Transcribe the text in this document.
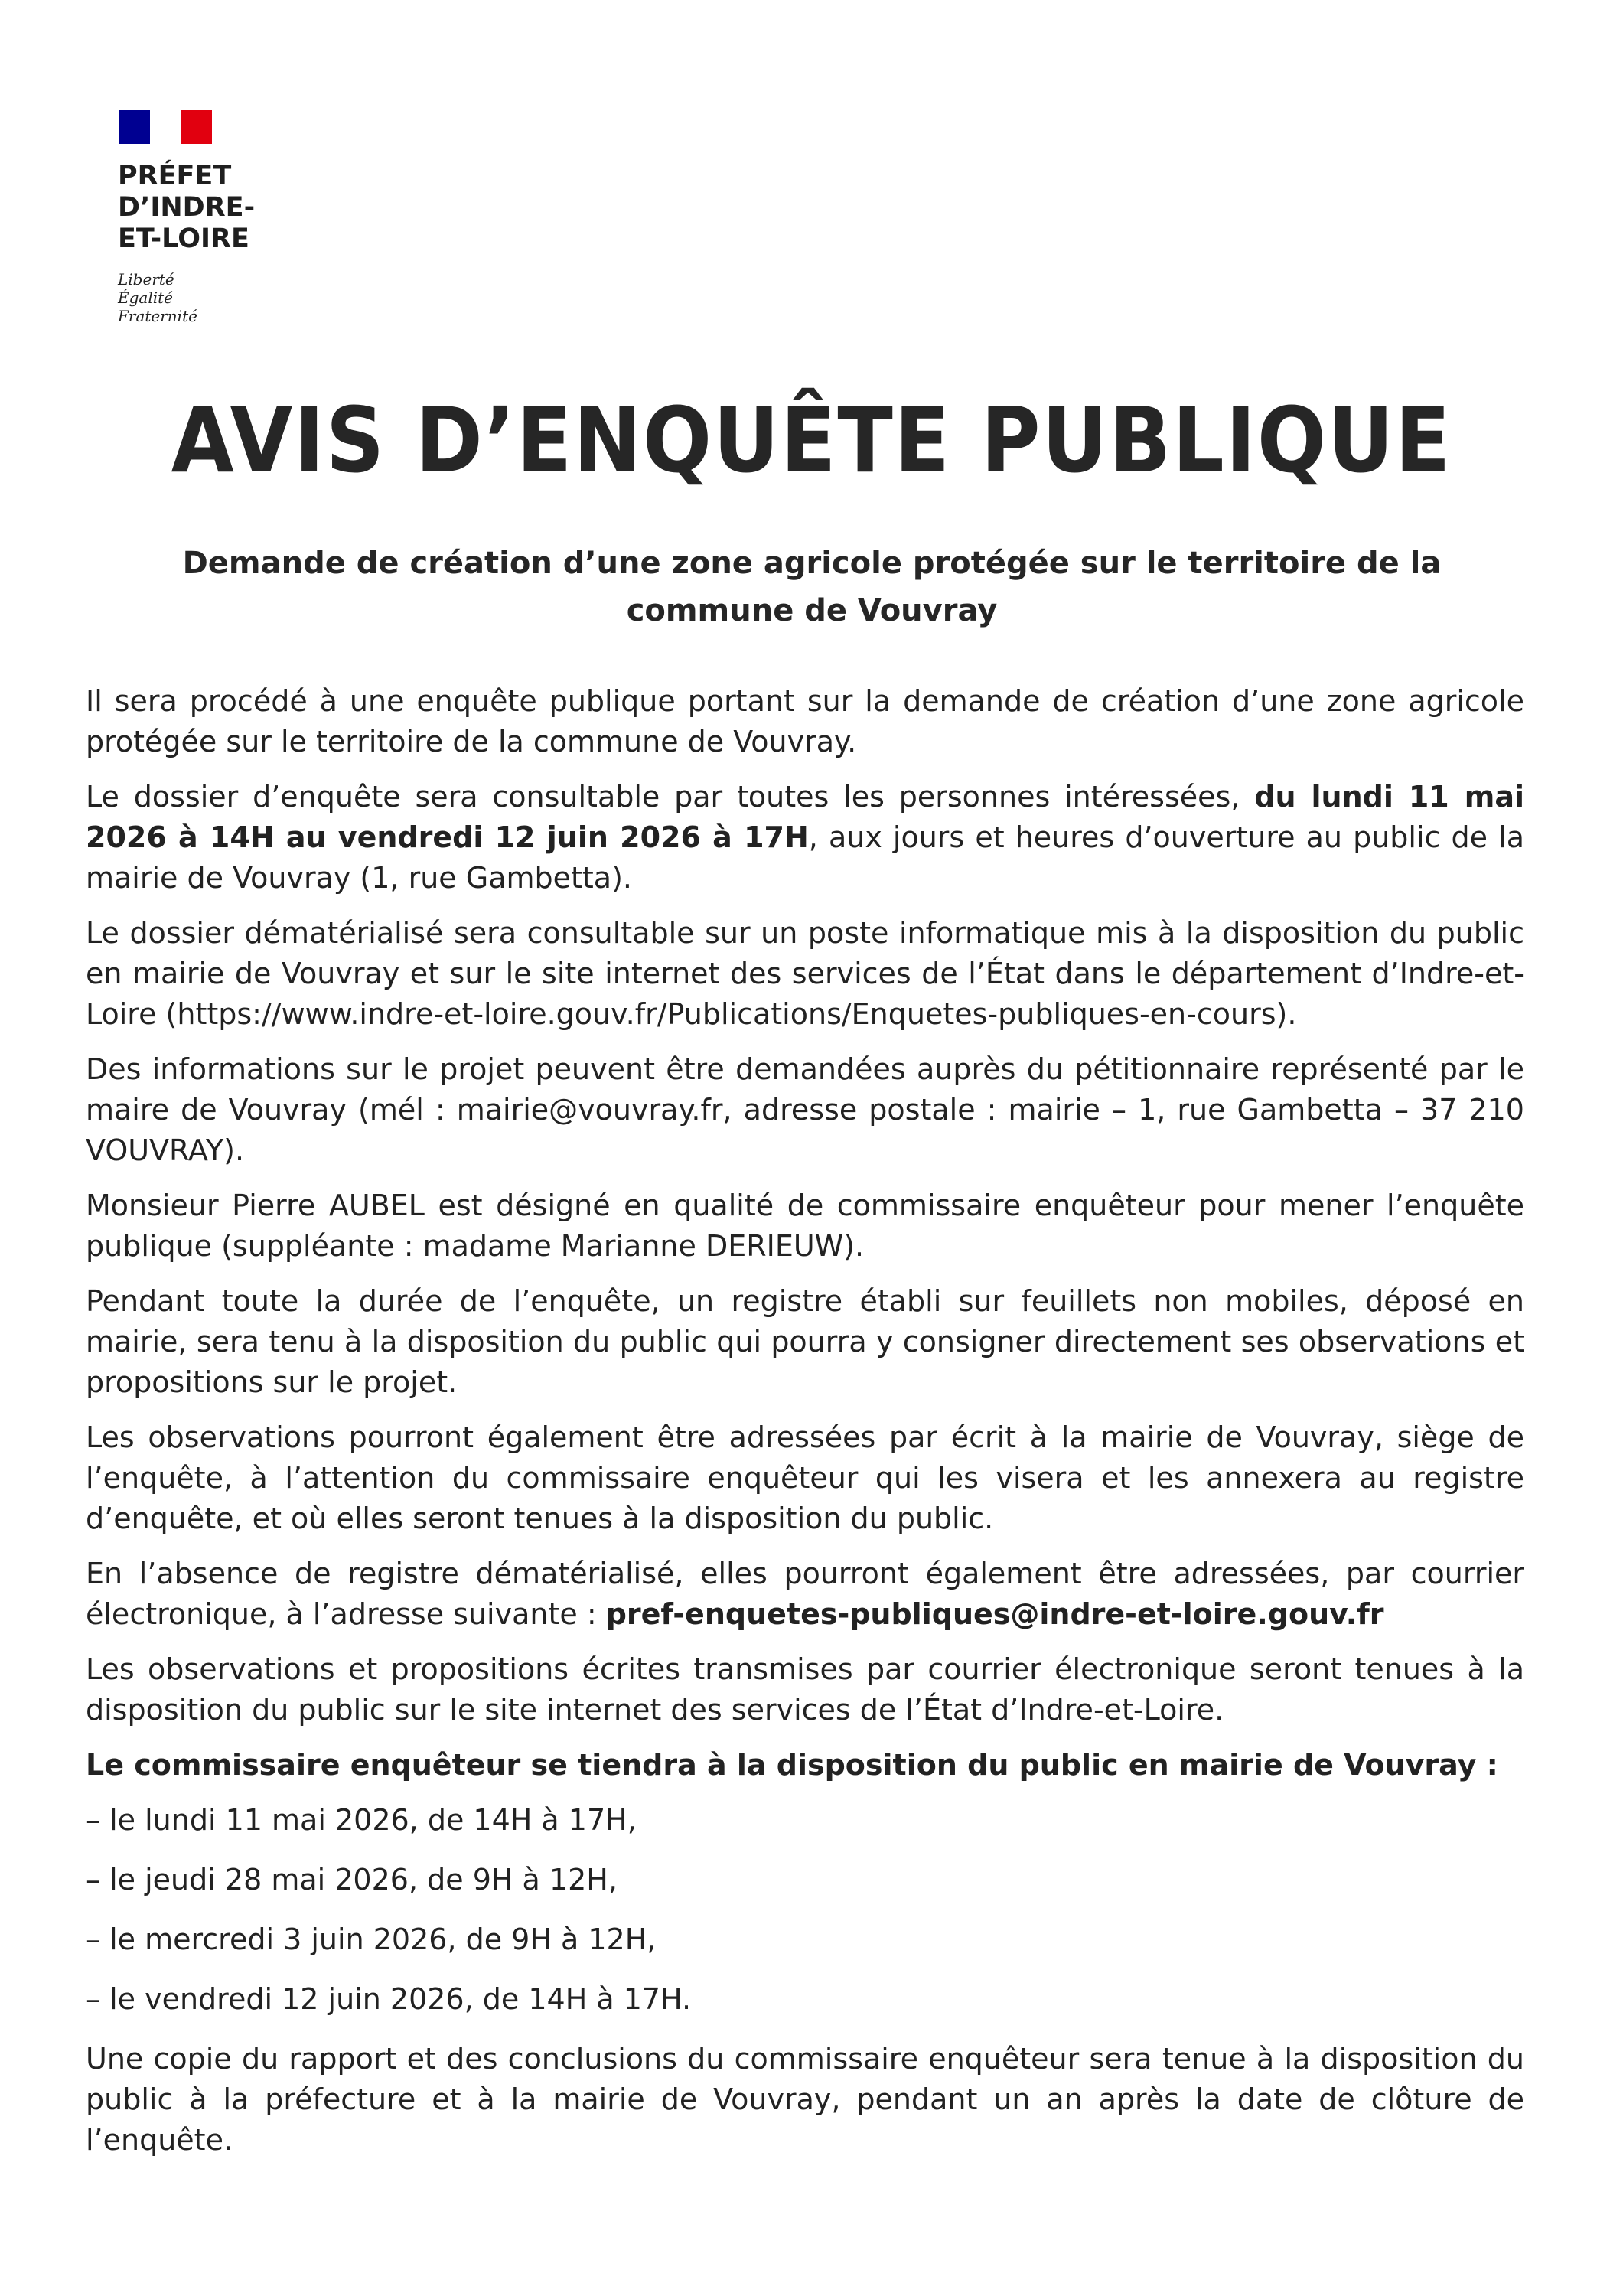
PRÉFET
D’INDRE-
ET-LOIRE
Liberté
Égalité
Fraternité
AVIS D’ENQUÊTE PUBLIQUE
Demande de création d’une zone agricole protégée sur le territoire de la commune de Vouvray

Il sera procédé à une enquête publique portant sur la demande de création d’une zone agricole protégée sur le territoire de la commune de Vouvray.

Le dossier d’enquête sera consultable par toutes les personnes intéressées, du lundi 11 mai 2026 à 14H au vendredi 12 juin 2026 à 17H, aux jours et heures d’ouverture au public de la mairie de Vouvray (1, rue Gambetta).

Le dossier dématérialisé sera consultable sur un poste informatique mis à la disposition du public en mairie de Vouvray et sur le site internet des services de l’État dans le département d’Indre-et-Loire (https://www.indre-et-loire.gouv.fr/Publications/Enquetes-publiques-en-cours).

Des informations sur le projet peuvent être demandées auprès du pétitionnaire représenté par le maire de Vouvray (mél : mairie@vouvray.fr, adresse postale : mairie – 1, rue Gambetta – 37 210 VOUVRAY).

Monsieur Pierre AUBEL est désigné en qualité de commissaire enquêteur pour mener l’enquête publique (suppléante : madame Marianne DERIEUW).

Pendant toute la durée de l’enquête, un registre établi sur feuillets non mobiles, déposé en mairie, sera tenu à la disposition du public qui pourra y consigner directement ses observations et propositions sur le projet.

Les observations pourront également être adressées par écrit à la mairie de Vouvray, siège de l’enquête, à l’attention du commissaire enquêteur qui les visera et les annexera au registre d’enquête, et où elles seront tenues à la disposition du public.

En l’absence de registre dématérialisé, elles pourront également être adressées, par courrier électronique, à l’adresse suivante : pref-enquetes-publiques@indre-et-loire.gouv.fr

Les observations et propositions écrites transmises par courrier électronique seront tenues à la disposition du public sur le site internet des services de l’État d’Indre-et-Loire.

Le commissaire enquêteur se tiendra à la disposition du public en mairie de Vouvray :

– le lundi 11 mai 2026, de 14H à 17H,
– le jeudi 28 mai 2026, de 9H à 12H,
– le mercredi 3 juin 2026, de 9H à 12H,
– le vendredi 12 juin 2026, de 14H à 17H.

Une copie du rapport et des conclusions du commissaire enquêteur sera tenue à la disposition du public à la préfecture et à la mairie de Vouvray, pendant un an après la date de clôture de l’enquête.
